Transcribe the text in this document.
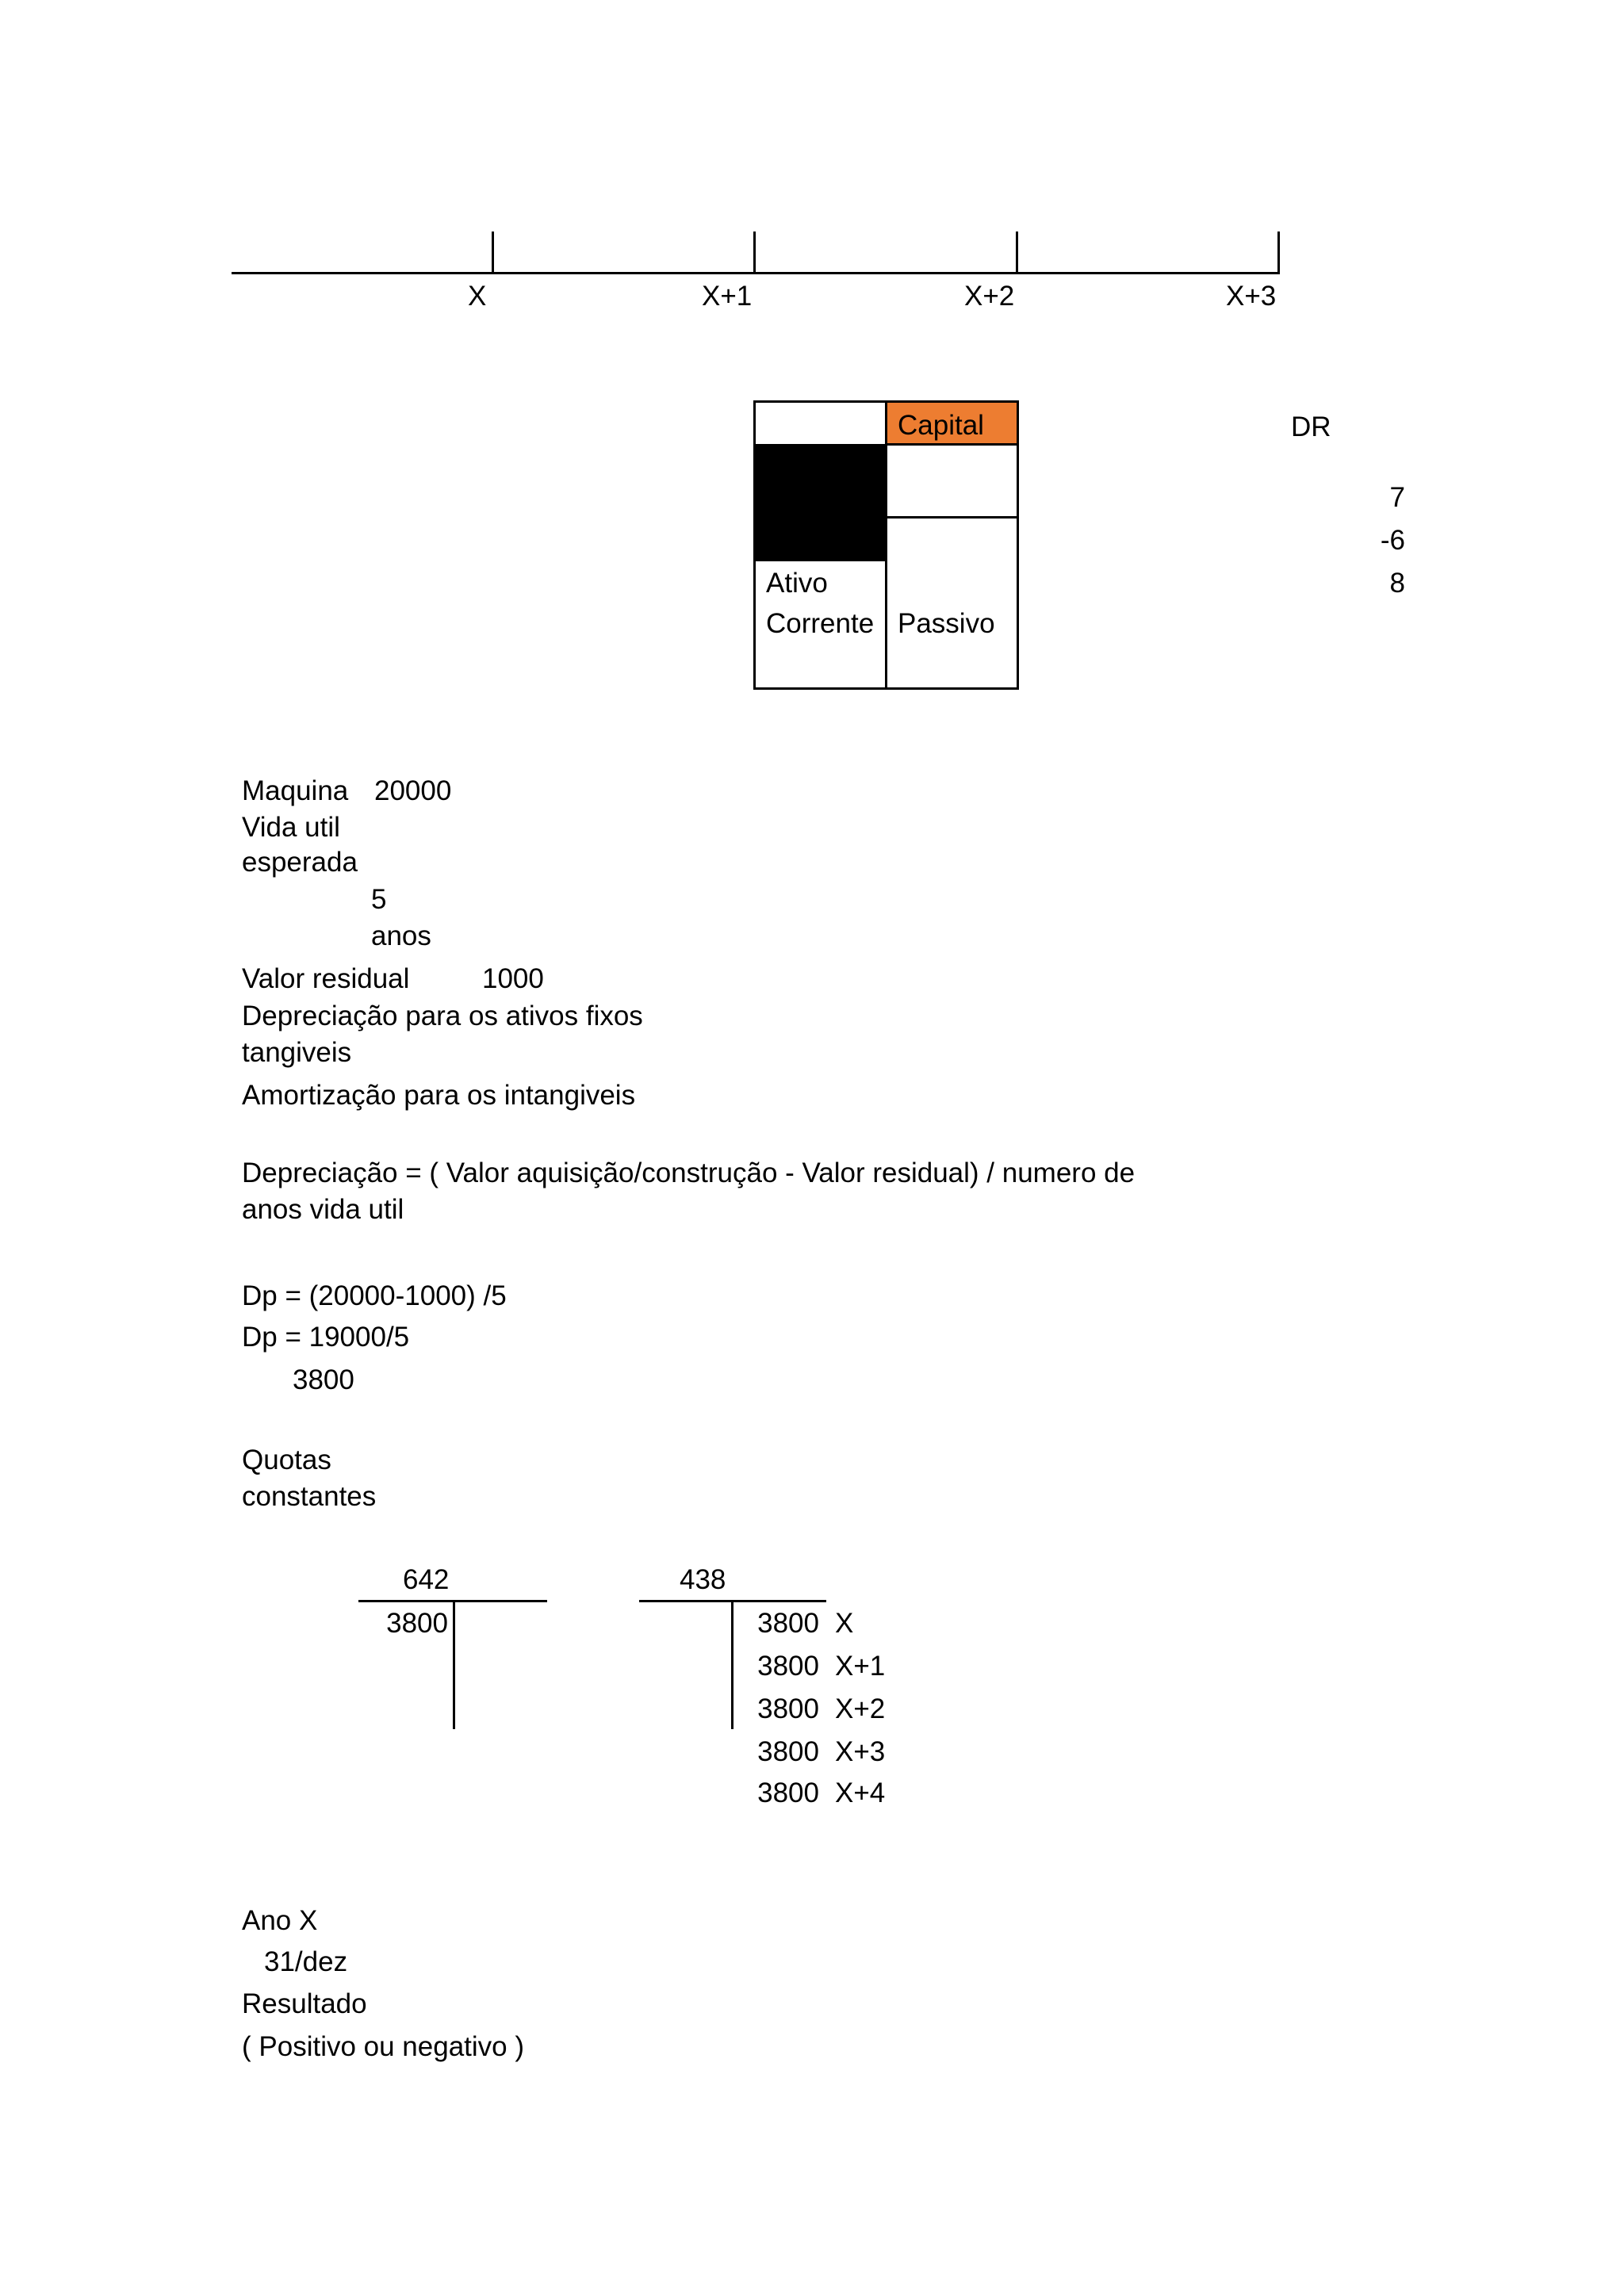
X	X+1	X+2	X+3
Capital
Ativo
Corrente Passivo
DR
7
-6
8
Maquina 20000
Vida util
esperada
5
anos
Valor residual	1000
Depreciação para os ativos fixos
tangiveis
Amortização para os intangiveis
Depreciação = ( Valor aquisição/construção - Valor residual) / numero de
anos vida util
Dp = (20000-1000) /5
Dp = 19000/5
3800
Quotas
constantes
642
3800
438
3800 X
3800 X+1
3800 X+2
3800 X+3
3800 X+4
Ano X
31/dez
Resultado
( Positivo ou negativo )
